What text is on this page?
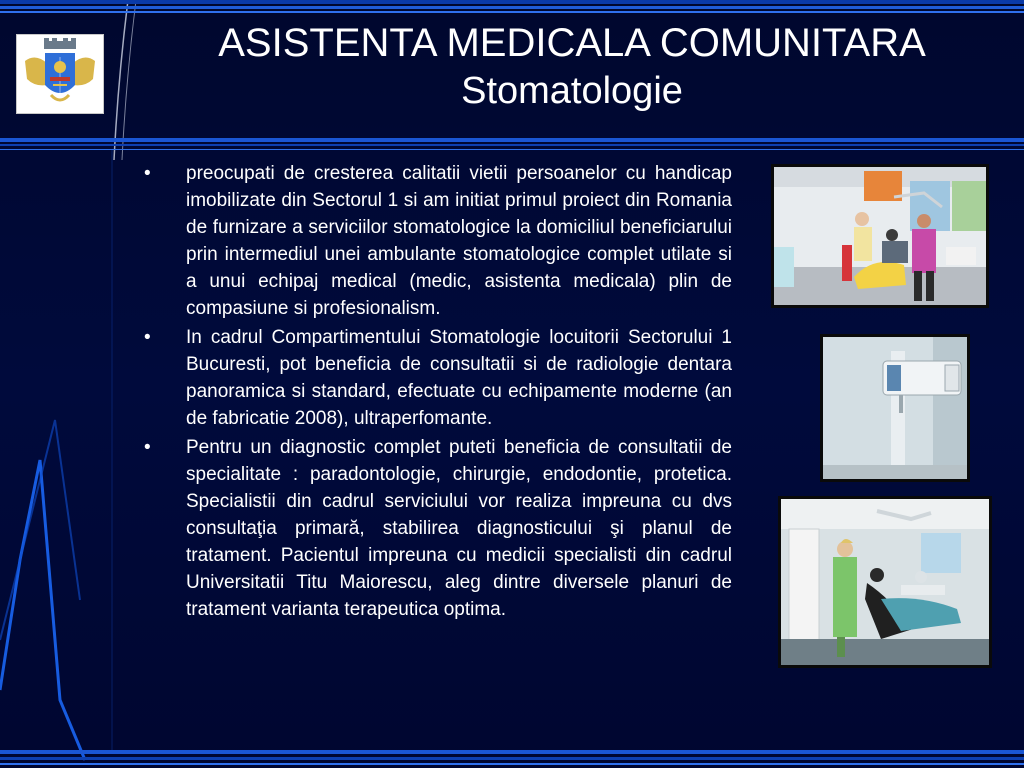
ASISTENTA MEDICALA COMUNITARA
Stomatologie
•	preocupati de cresterea calitatii vietii persoanelor cu handicap imobilizate din Sectorul 1 si am initiat primul proiect din Romania de furnizare a serviciilor stomatologice la domiciliul beneficiarului prin intermediul unei ambulante stomatologice complet utilate si a unui echipaj medical (medic, asistenta medicala) plin de compasiune si profesionalism.
•	In cadrul Compartimentului Stomatologie locuitorii Sectorului 1 Bucuresti, pot beneficia de consultatii si de radiologie dentara panoramica si standard, efectuate cu echipamente moderne (an de fabricatie 2008), ultraperfomante.
•	Pentru un diagnostic complet puteti beneficia de consultatii de specialitate : paradontologie, chirurgie, endodontie, protetica. Specialistii din cadrul serviciului vor realiza impreuna cu dvs consultaţia primară, stabilirea diagnosticului şi planul de tratament. Pacientul impreuna cu medicii specialisti din cadrul Universitatii Titu Maiorescu, aleg dintre diversele planuri de tratament varianta terapeutica optima.
